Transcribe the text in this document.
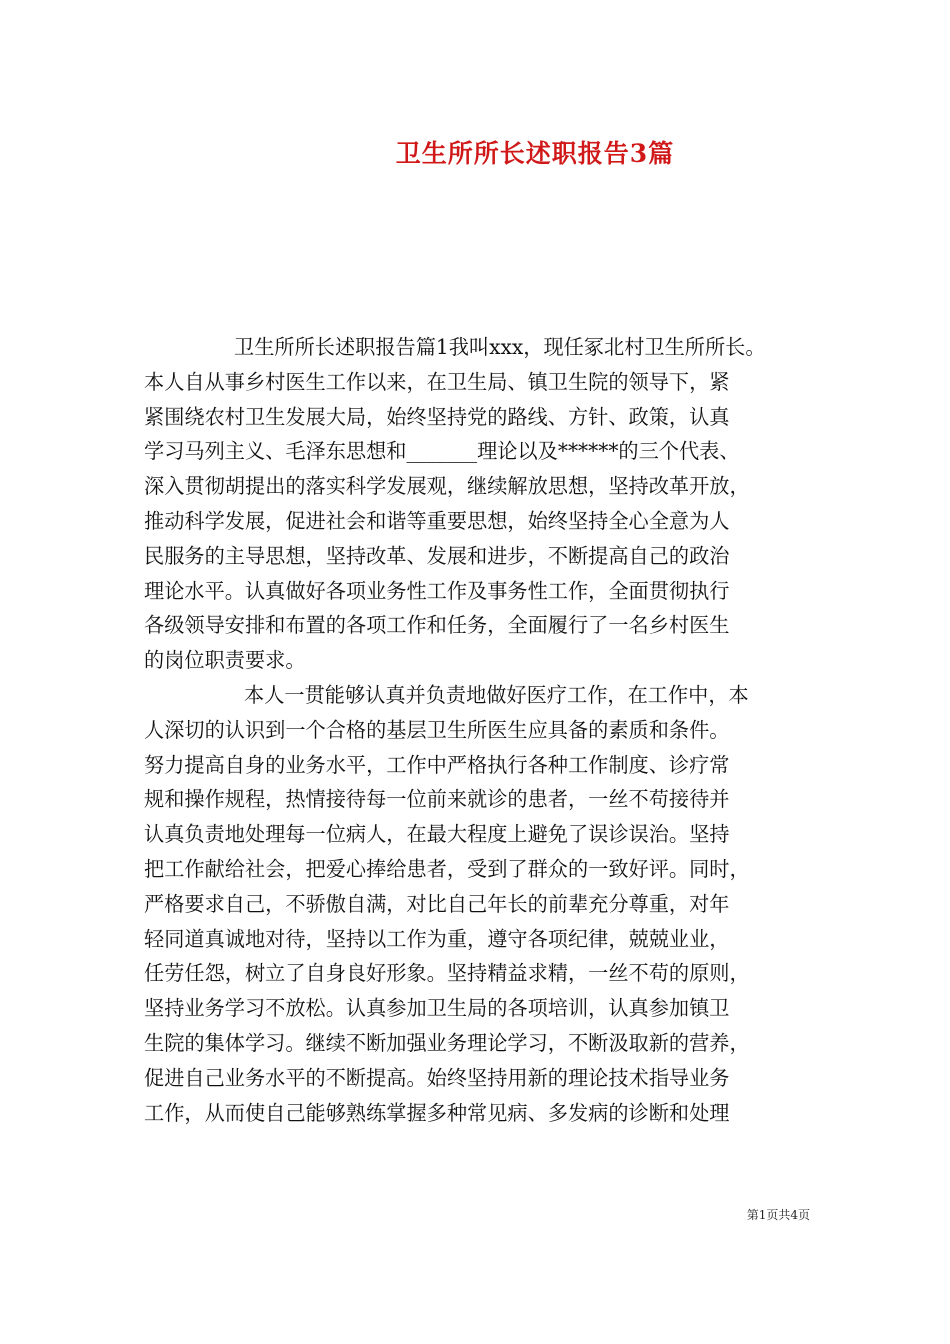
卫生所所长述职报告3篇
卫生所所长述职报告篇1我叫xxx，现任冢北村卫生所所长。
本人自从事乡村医生工作以来，在卫生局、镇卫生院的领导下，紧
紧围绕农村卫生发展大局，始终坚持党的路线、方针、政策，认真
学习马列主义、毛泽东思想和_______理论以及******的三个代表、
深入贯彻胡提出的落实科学发展观，继续解放思想，坚持改革开放，
推动科学发展，促进社会和谐等重要思想，始终坚持全心全意为人
民服务的主导思想，坚持改革、发展和进步，不断提高自己的政治
理论水平。认真做好各项业务性工作及事务性工作，全面贯彻执行
各级领导安排和布置的各项工作和任务，全面履行了一名乡村医生
的岗位职责要求。
本人一贯能够认真并负责地做好医疗工作，在工作中，本
人深切的认识到一个合格的基层卫生所医生应具备的素质和条件。
努力提高自身的业务水平，工作中严格执行各种工作制度、诊疗常
规和操作规程，热情接待每一位前来就诊的患者，一丝不苟接待并
认真负责地处理每一位病人，在最大程度上避免了误诊误治。坚持
把工作献给社会，把爱心捧给患者，受到了群众的一致好评。同时，
严格要求自己，不骄傲自满，对比自己年长的前辈充分尊重，对年
轻同道真诚地对待，坚持以工作为重，遵守各项纪律，兢兢业业，
任劳任怨，树立了自身良好形象。坚持精益求精，一丝不苟的原则，
坚持业务学习不放松。认真参加卫生局的各项培训，认真参加镇卫
生院的集体学习。继续不断加强业务理论学习，不断汲取新的营养，
促进自己业务水平的不断提高。始终坚持用新的理论技术指导业务
工作，从而使自己能够熟练掌握多种常见病、多发病的诊断和处理
第1页共4页
